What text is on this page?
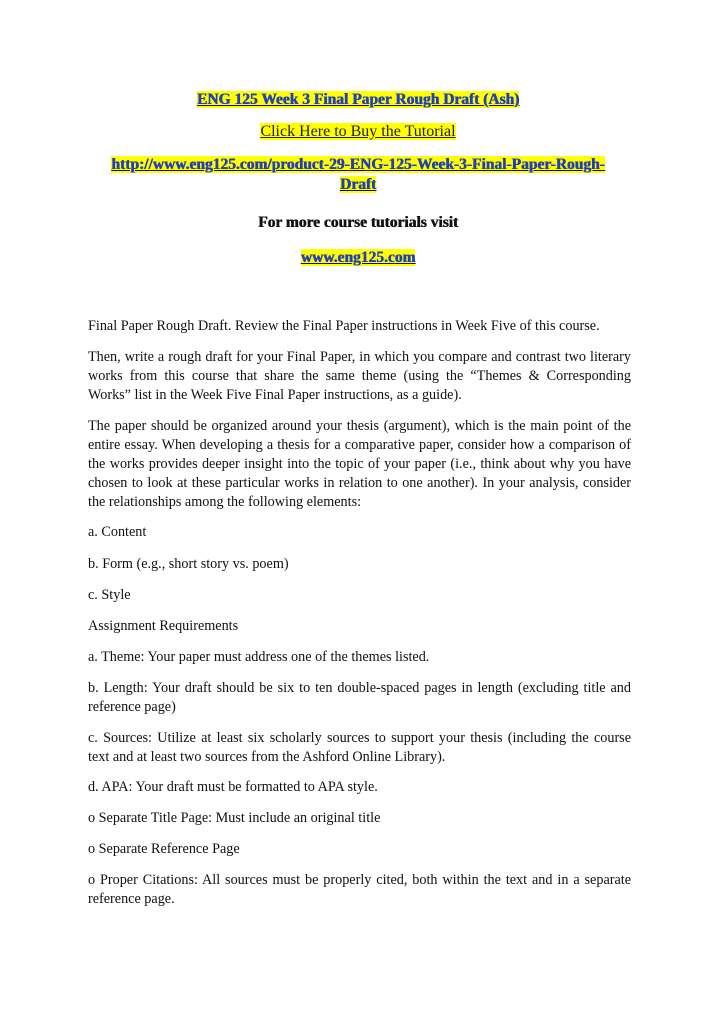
ENG 125 Week 3 Final Paper Rough Draft (Ash)
Click Here to Buy the Tutorial
http://www.eng125.com/product-29-ENG-125-Week-3-Final-Paper-Rough-
Draft
For more course tutorials visit
www.eng125.com

Final Paper Rough Draft. Review the Final Paper instructions in Week Five of this course.

Then, write a rough draft for your Final Paper, in which you compare and contrast two literary works from this course that share the same theme (using the “Themes & Corresponding Works” list in the Week Five Final Paper instructions, as a guide).

The paper should be organized around your thesis (argument), which is the main point of the entire essay. When developing a thesis for a comparative paper, consider how a comparison of the works provides deeper insight into the topic of your paper (i.e., think about why you have chosen to look at these particular works in relation to one another). In your analysis, consider the relationships among the following elements:

a. Content

b. Form (e.g., short story vs. poem)

c. Style

Assignment Requirements

a. Theme: Your paper must address one of the themes listed.

b. Length: Your draft should be six to ten double-spaced pages in length (excluding title and reference page)

c. Sources: Utilize at least six scholarly sources to support your thesis (including the course text and at least two sources from the Ashford Online Library).

d. APA: Your draft must be formatted to APA style.

o Separate Title Page: Must include an original title

o Separate Reference Page

o Proper Citations: All sources must be properly cited, both within the text and in a separate reference page.
